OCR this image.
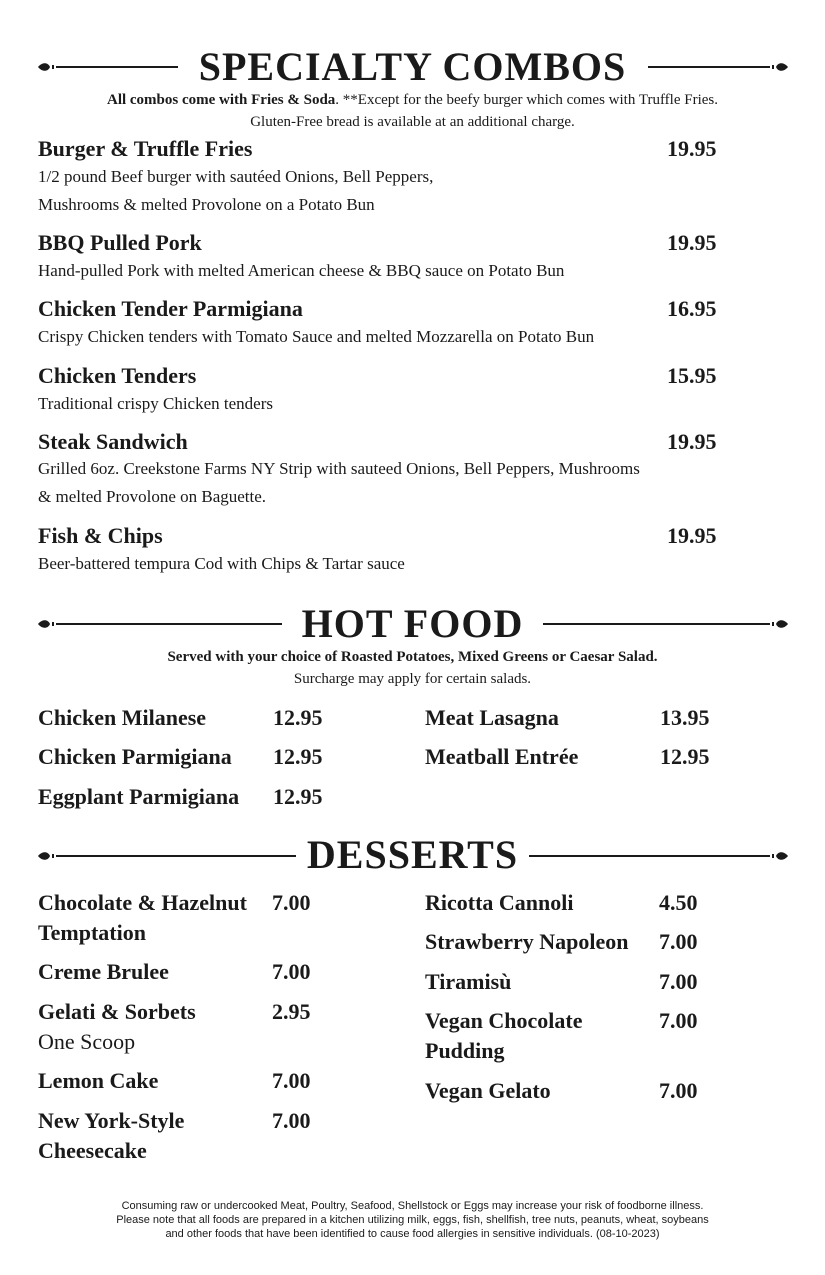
SPECIALTY COMBOS
All combos come with Fries & Soda. **Except for the beefy burger which comes with Truffle Fries.
Gluten-Free bread is available at an additional charge.
Burger & Truffle Fries	19.95
1/2 pound Beef burger with sautéed Onions, Bell Peppers, Mushrooms & melted Provolone on a Potato Bun
BBQ Pulled Pork	19.95
Hand-pulled Pork with melted American cheese & BBQ sauce on Potato Bun
Chicken Tender Parmigiana	16.95
Crispy Chicken tenders with Tomato Sauce and melted Mozzarella on Potato Bun
Chicken Tenders	15.95
Traditional crispy Chicken tenders
Steak Sandwich	19.95
Grilled 6oz. Creekstone Farms NY Strip with sauteed Onions, Bell Peppers, Mushrooms & melted Provolone on Baguette.
Fish & Chips	19.95
Beer-battered tempura Cod with Chips & Tartar sauce
HOT FOOD
Served with your choice of Roasted Potatoes, Mixed Greens or Caesar Salad.
Surcharge may apply for certain salads.
Chicken Milanese	12.95
Chicken Parmigiana 12.95
Eggplant Parmigiana 12.95
Meat Lasagna	13.95
Meatball Entrée	12.95
DESSERTS
Chocolate & Hazelnut
Temptation
7.00
Creme Brulee	7.00
Gelati & Sorbets
One Scoop
2.95
Lemon Cake	7.00
New York-Style
Cheesecake
7.00
Ricotta Cannoli	4.50
Strawberry Napoleon 7.00
Tiramisù	7.00
Vegan Chocolate
Pudding
7.00
Vegan Gelato	7.00
Consuming raw or undercooked Meat, Poultry, Seafood, Shellstock or Eggs may increase your risk of foodborne illness.
Please note that all foods are prepared in a kitchen utilizing milk, eggs, fish, shellfish, tree nuts, peanuts, wheat, soybeans
and other foods that have been identified to cause food allergies in sensitive individuals. (08-10-2023)
